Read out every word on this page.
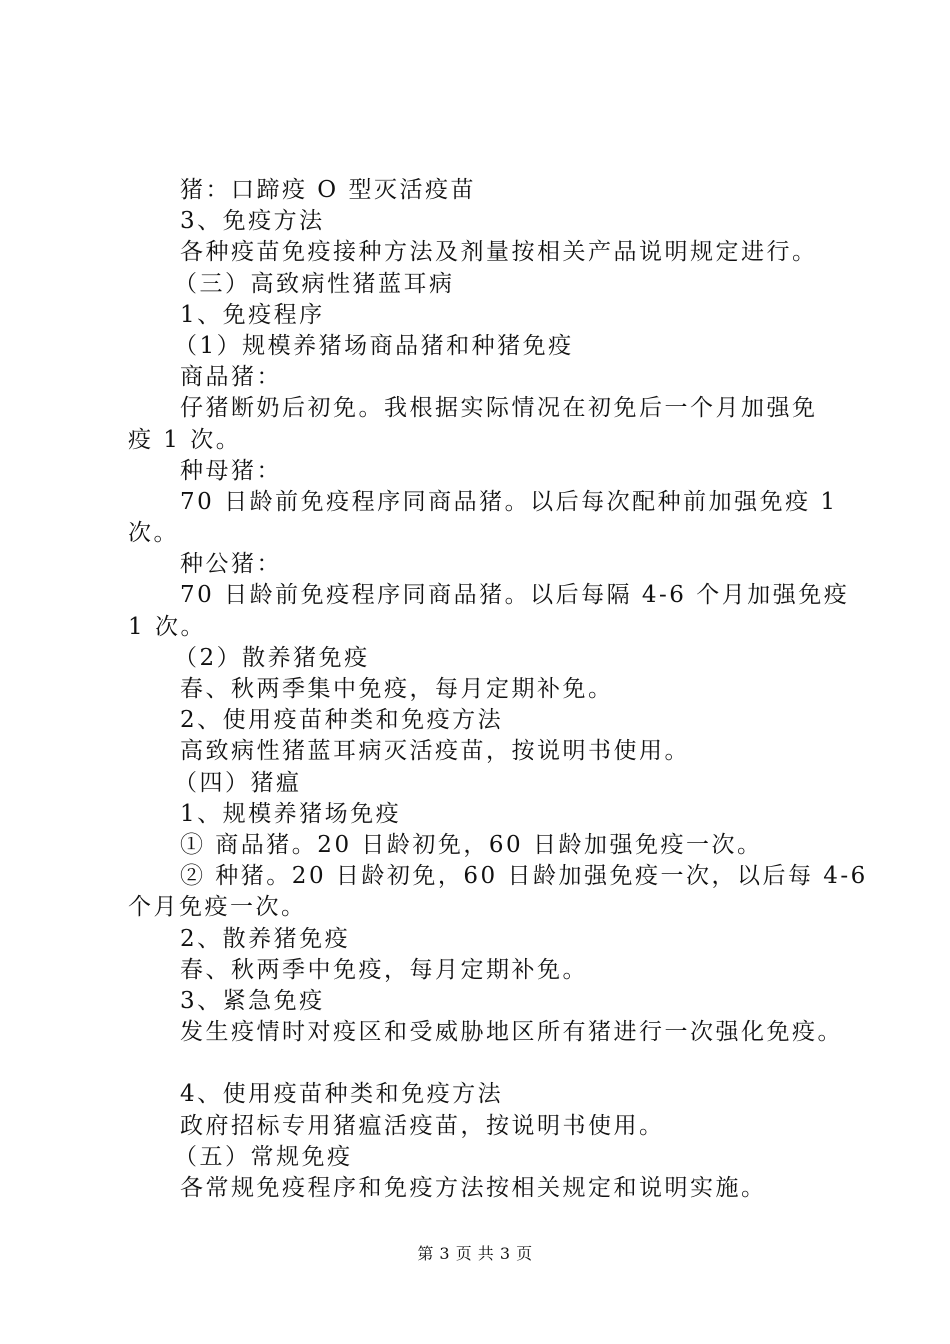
猪：口蹄疫 O 型灭活疫苗
3、免疫方法
各种疫苗免疫接种方法及剂量按相关产品说明规定进行。
（三）高致病性猪蓝耳病
1、免疫程序
（1）规模养猪场商品猪和种猪免疫
商品猪：
仔猪断奶后初免。我根据实际情况在初免后一个月加强免
疫 1 次。
种母猪：
70 日龄前免疫程序同商品猪。以后每次配种前加强免疫 1
次。
种公猪：
70 日龄前免疫程序同商品猪。以后每隔 4-6 个月加强免疫
1 次。
（2）散养猪免疫
春、秋两季集中免疫，每月定期补免。
2、使用疫苗种类和免疫方法
高致病性猪蓝耳病灭活疫苗，按说明书使用。
（四）猪瘟
1、规模养猪场免疫
① 商品猪。20 日龄初免，60 日龄加强免疫一次。
② 种猪。20 日龄初免，60 日龄加强免疫一次，以后每 4-6
个月免疫一次。
2、散养猪免疫
春、秋两季中免疫，每月定期补免。
3、紧急免疫
发生疫情时对疫区和受威胁地区所有猪进行一次强化免疫。
4、使用疫苗种类和免疫方法
政府招标专用猪瘟活疫苗，按说明书使用。
（五）常规免疫
各常规免疫程序和免疫方法按相关规定和说明实施。
第 3 页 共 3 页
